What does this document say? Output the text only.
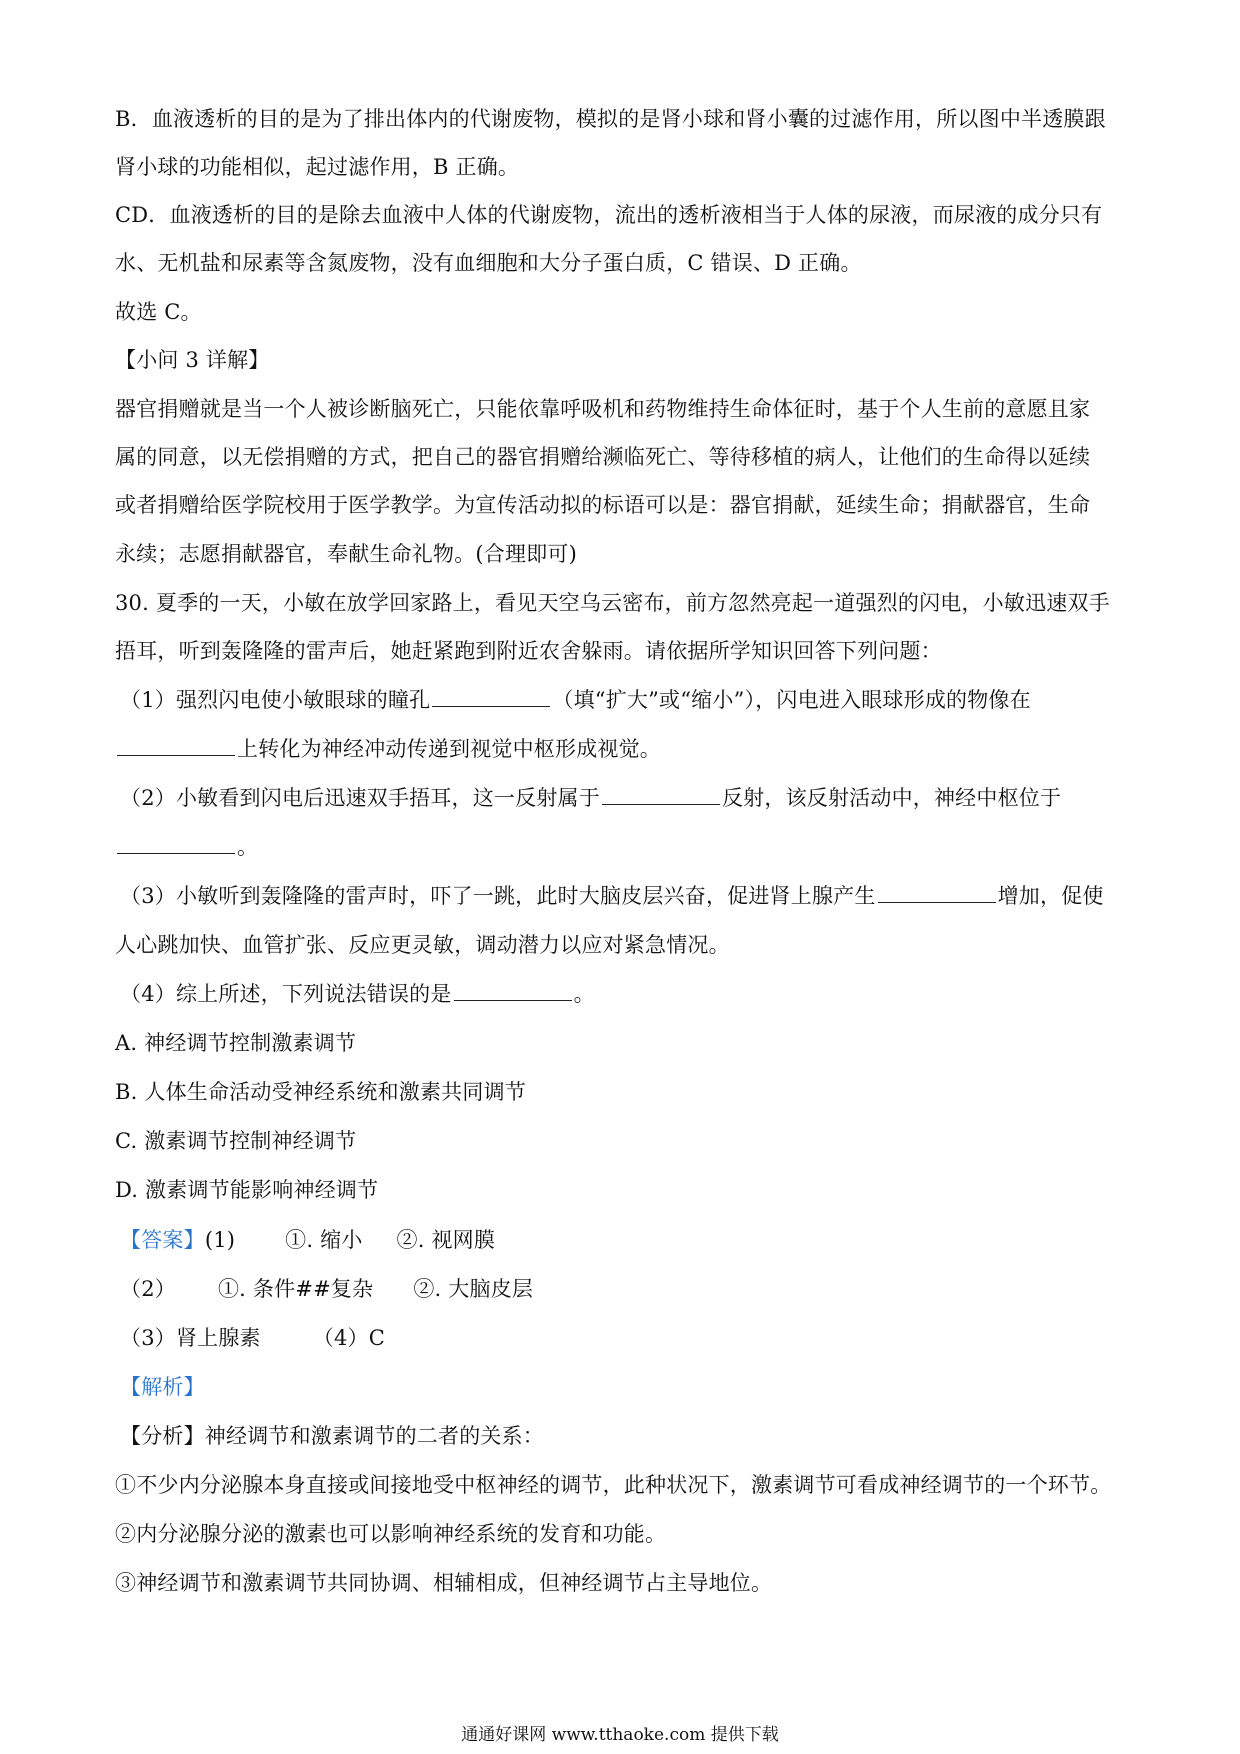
B．血液透析的目的是为了排出体内的代谢废物，模拟的是肾小球和肾小囊的过滤作用，所以图中半透膜跟
肾小球的功能相似，起过滤作用，B 正确。
CD．血液透析的目的是除去血液中人体的代谢废物，流出的透析液相当于人体的尿液，而尿液的成分只有
水、无机盐和尿素等含氮废物，没有血细胞和大分子蛋白质，C 错误、D 正确。
故选 C。
【小问 3 详解】
器官捐赠就是当一个人被诊断脑死亡，只能依靠呼吸机和药物维持生命体征时，基于个人生前的意愿且家
属的同意，以无偿捐赠的方式，把自己的器官捐赠给濒临死亡、等待移植的病人，让他们的生命得以延续
或者捐赠给医学院校用于医学教学。为宣传活动拟的标语可以是：器官捐献，延续生命；捐献器官，生命
永续；志愿捐献器官，奉献生命礼物。(合理即可)
30. 夏季的一天，小敏在放学回家路上，看见天空乌云密布，前方忽然亮起一道强烈的闪电，小敏迅速双手
捂耳，听到轰隆隆的雷声后，她赶紧跑到附近农舍躲雨。请依据所学知识回答下列问题：
（1）强烈闪电使小敏眼球的瞳孔	（填“扩大”或“缩小”），闪电进入眼球形成的物像在
上转化为神经冲动传递到视觉中枢形成视觉。
（2）小敏看到闪电后迅速双手捂耳，这一反射属于	反射，该反射活动中，神经中枢位于
。
（3）小敏听到轰隆隆的雷声时，吓了一跳，此时大脑皮层兴奋，促进肾上腺产生	增加，促使
人心跳加快、血管扩张、反应更灵敏，调动潜力以应对紧急情况。
（4）综上所述，下列说法错误的是	。
A. 神经调节控制激素调节
B. 人体生命活动受神经系统和激素共同调节
C. 激素调节控制神经调节
D. 激素调节能影响神经调节
【答案】(1) ①. 缩小 ②. 视网膜
（2） ①. 条件##复杂 ②. 大脑皮层
（3）肾上腺素 （4）C
【解析】
【分析】神经调节和激素调节的二者的关系：
①不少内分泌腺本身直接或间接地受中枢神经的调节，此种状况下，激素调节可看成神经调节的一个环节。
②内分泌腺分泌的激素也可以影响神经系统的发育和功能。
③神经调节和激素调节共同协调、相辅相成，但神经调节占主导地位。
通通好课网 www.tthaoke.com 提供下载
